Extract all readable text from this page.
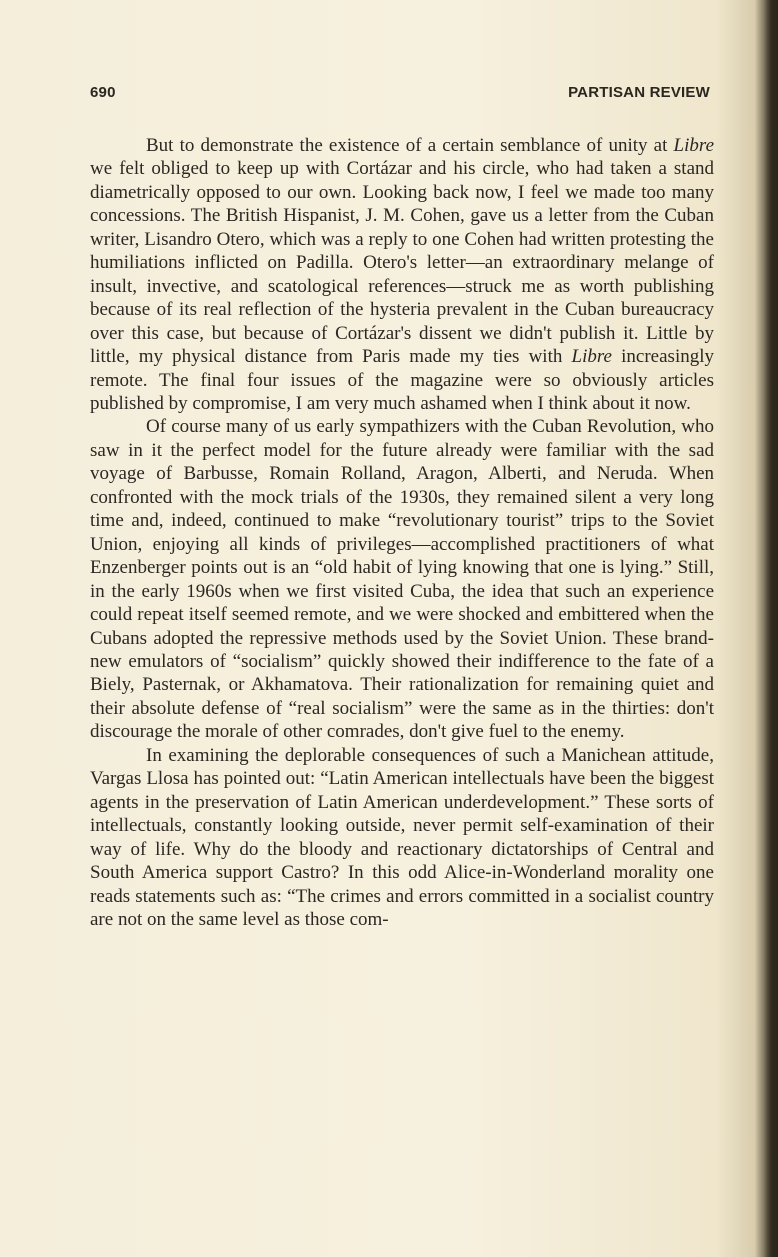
690	PARTISAN REVIEW

But to demonstrate the existence of a certain semblance of unity at Libre we felt obliged to keep up with Cortázar and his circle, who had taken a stand diametrically opposed to our own. Looking back now, I feel we made too many concessions. The British Hispanist, J. M. Cohen, gave us a letter from the Cuban writer, Lisandro Otero, which was a reply to one Cohen had written protesting the humiliations inflicted on Padilla. Otero's letter—an extraordinary melange of insult, invective, and scatological references—struck me as worth publishing because of its real reflection of the hysteria prevalent in the Cuban bureaucracy over this case, but because of Cortázar's dissent we didn't publish it. Little by little, my physical distance from Paris made my ties with Libre increasingly remote. The final four issues of the magazine were so obviously articles published by compromise, I am very much ashamed when I think about it now.

Of course many of us early sympathizers with the Cuban Revolution, who saw in it the perfect model for the future already were familiar with the sad voyage of Barbusse, Romain Rolland, Aragon, Alberti, and Neruda. When confronted with the mock trials of the 1930s, they remained silent a very long time and, indeed, continued to make “revolutionary tourist” trips to the Soviet Union, enjoying all kinds of privileges—accomplished practitioners of what Enzenberger points out is an “old habit of lying knowing that one is lying.” Still, in the early 1960s when we first visited Cuba, the idea that such an experience could repeat itself seemed remote, and we were shocked and embittered when the Cubans adopted the repressive methods used by the Soviet Union. These brand-new emulators of “socialism” quickly showed their indifference to the fate of a Biely, Pasternak, or Akhamatova. Their rationalization for remaining quiet and their absolute defense of “real socialism” were the same as in the thirties: don't discourage the morale of other comrades, don't give fuel to the enemy.

In examining the deplorable consequences of such a Manichean attitude, Vargas Llosa has pointed out: “Latin American intellectuals have been the biggest agents in the preservation of Latin American underdevelopment.” These sorts of intellectuals, constantly looking outside, never permit self-examination of their way of life. Why do the bloody and reactionary dictatorships of Central and South America support Castro? In this odd Alice-in-Wonderland morality one reads statements such as: “The crimes and errors committed in a socialist country are not on the same level as those com-
